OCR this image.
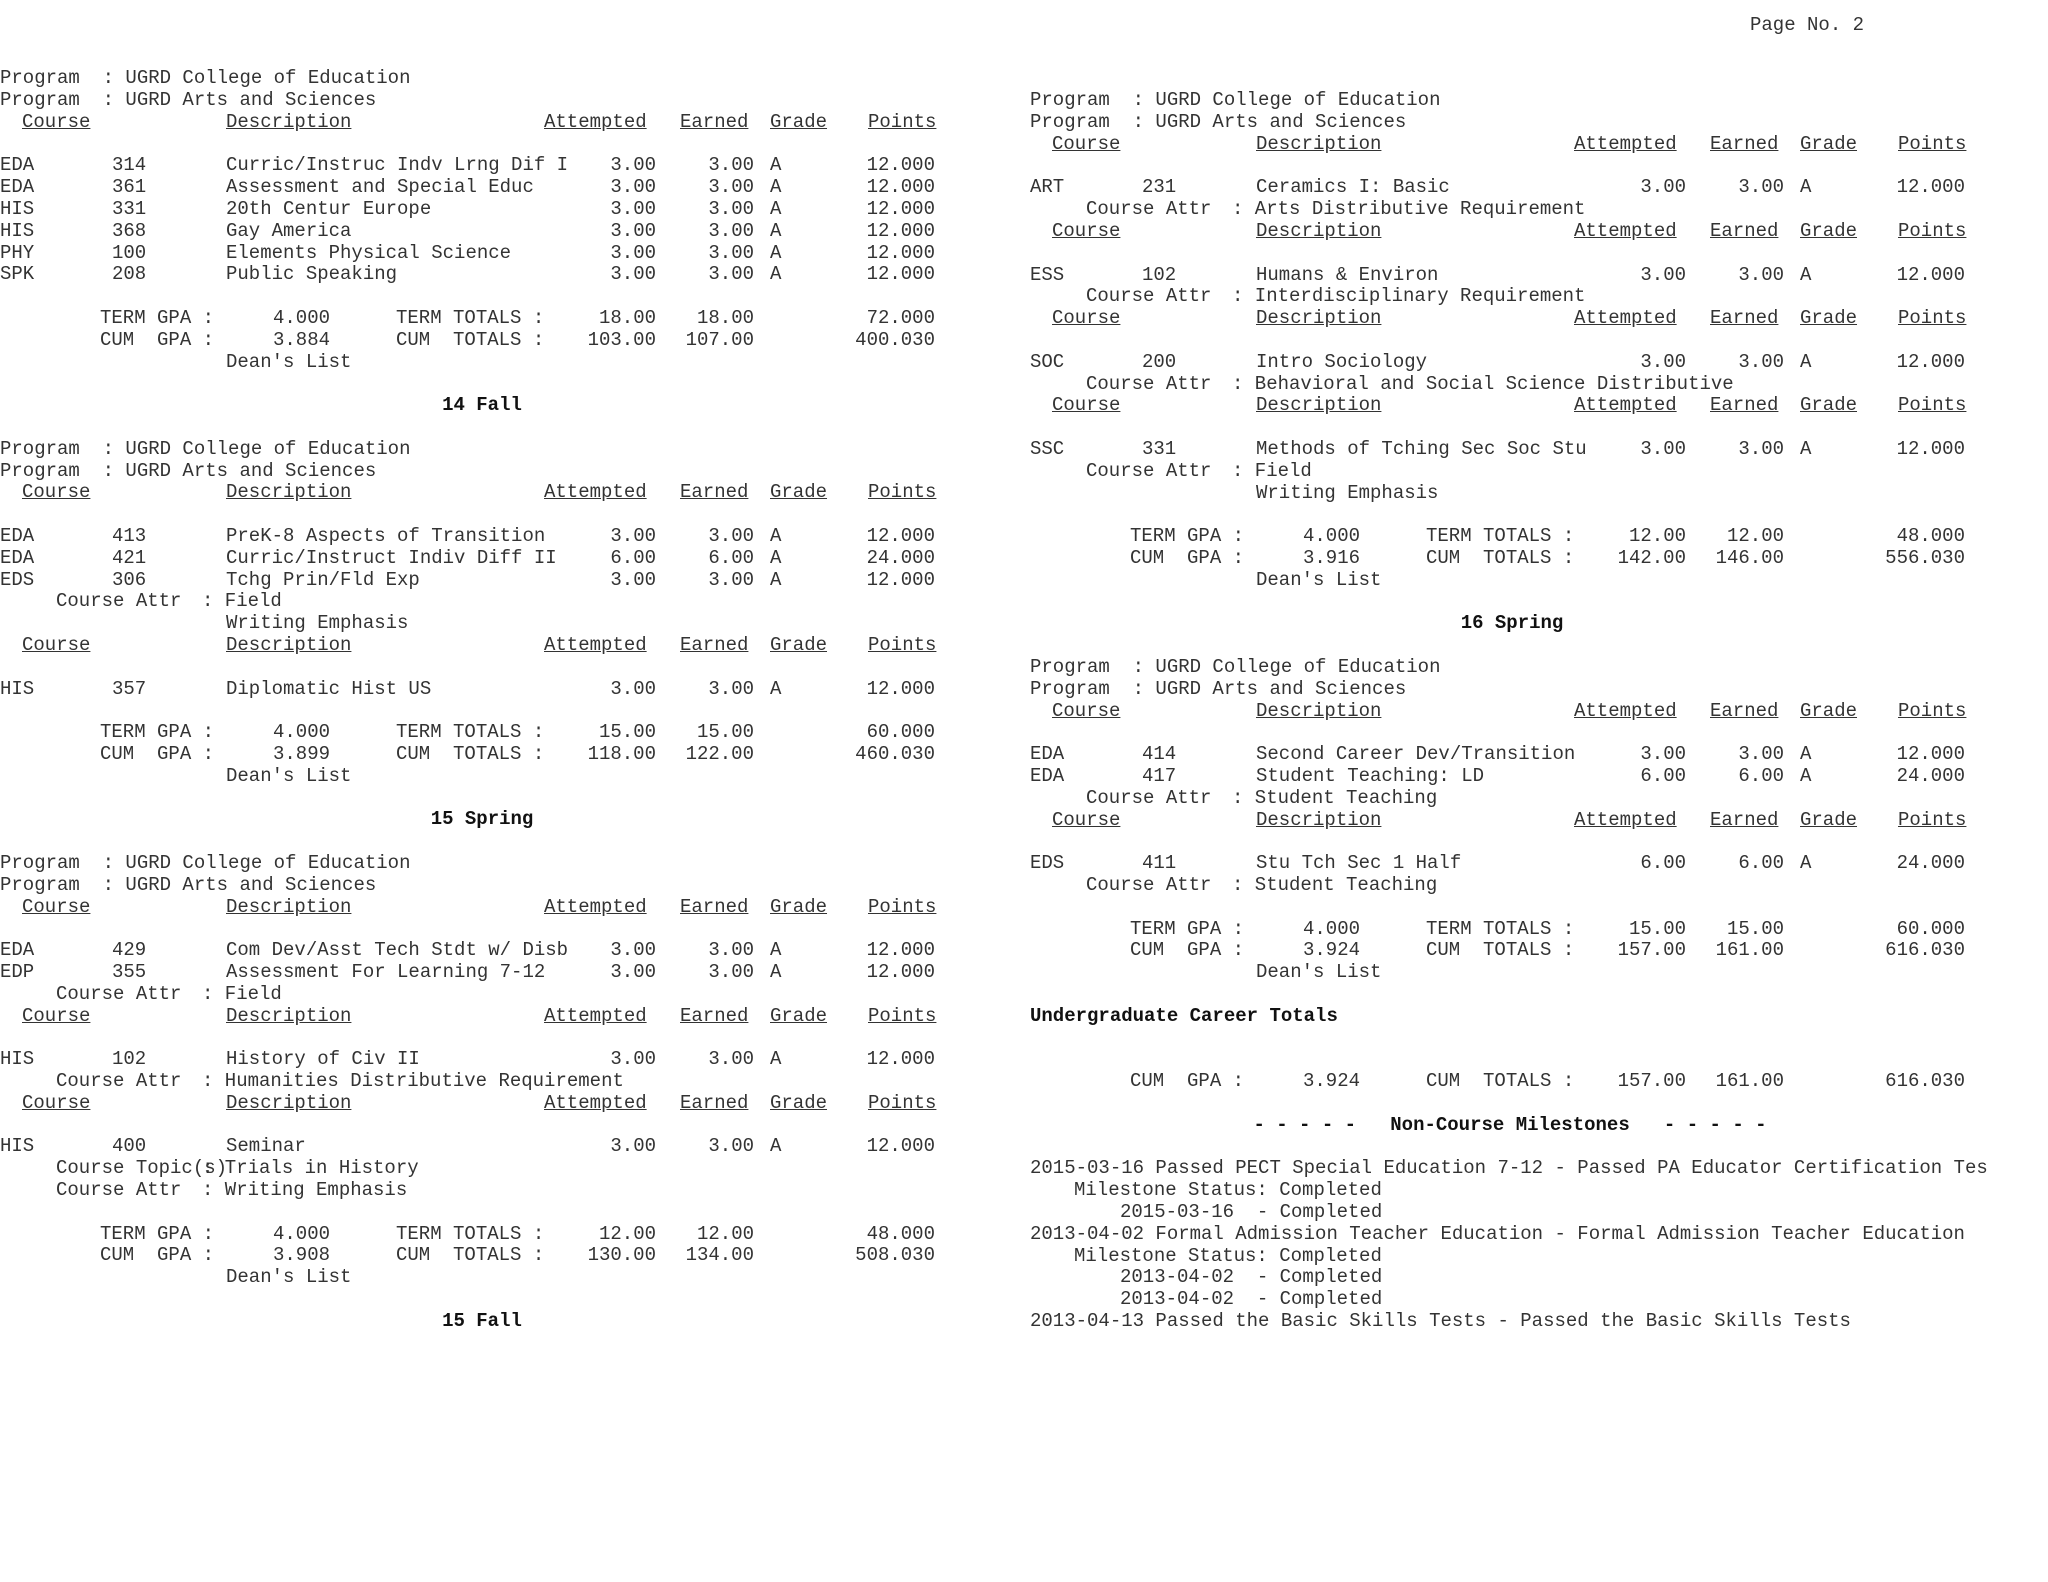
Page No. 2
Program  : UGRD College of Education
Program  : UGRD Arts and Sciences
Course	Description	Attempted Earned Grade Points
EDA	314	Curric/Instruc Indv Lrng Dif I	3.00	3.00 A	12.000
EDA	361	Assessment and Special Educ	3.00	3.00 A	12.000
HIS	331	20th Centur Europe	3.00	3.00 A	12.000
HIS	368	Gay America	3.00	3.00 A	12.000
PHY	100	Elements Physical Science	3.00	3.00 A	12.000
SPK	208	Public Speaking	3.00	3.00 A	12.000
TERM GPA :	4.000	TERM TOTALS :	18.00	18.00	72.000
CUM  GPA :	3.884	CUM  TOTALS :	103.00	107.00	400.030
Dean's List
14 Fall
Program  : UGRD College of Education
Program  : UGRD Arts and Sciences
Course	Description	Attempted Earned Grade Points
EDA	413	PreK-8 Aspects of Transition	3.00	3.00 A	12.000
EDA	421	Curric/Instruct Indiv Diff II	6.00	6.00 A	24.000
EDS	306	Tchg Prin/Fld Exp	3.00	3.00 A	12.000
Course Attr : Field
Writing Emphasis
Course	Description	Attempted Earned Grade Points
HIS	357	Diplomatic Hist US	3.00	3.00 A	12.000
TERM GPA :	4.000	TERM TOTALS :	15.00	15.00	60.000
CUM  GPA :	3.899	CUM  TOTALS :	118.00	122.00	460.030
Dean's List
15 Spring
Program  : UGRD College of Education
Program  : UGRD Arts and Sciences
Course	Description	Attempted Earned Grade Points
EDA	429	Com Dev/Asst Tech Stdt w/ Disb	3.00	3.00 A	12.000
EDP	355	Assessment For Learning 7-12	3.00	3.00 A	12.000
Course Attr : Field
Course	Description	Attempted Earned Grade Points
HIS	102	History of Civ II	3.00	3.00 A	12.000
Course Attr : Humanities Distributive Requirement
Course	Description	Attempted Earned Grade Points
HIS	400	Seminar	3.00	3.00 A	12.000
Course Topic(s)
: Trials in History
Course Attr : Writing Emphasis
TERM GPA :	4.000	TERM TOTALS :	12.00	12.00	48.000
CUM  GPA :	3.908	CUM  TOTALS :	130.00	134.00	508.030
Dean's List
15 Fall
Program  : UGRD College of Education
Program  : UGRD Arts and Sciences
Course	Description	Attempted Earned Grade Points
ART	231	Ceramics I: Basic	3.00	3.00 A	12.000
Course Attr : Arts Distributive Requirement
Course	Description	Attempted Earned Grade Points
ESS	102	Humans & Environ	3.00	3.00 A	12.000
Course Attr : Interdisciplinary Requirement
Course	Description	Attempted Earned Grade Points
SOC	200	Intro Sociology	3.00	3.00 A	12.000
Course Attr : Behavioral and Social Science Distributive
Course	Description	Attempted Earned Grade Points
SSC	331	Methods of Tching Sec Soc Stu	3.00	3.00 A	12.000
Course Attr : Field
Writing Emphasis
TERM GPA :	4.000	TERM TOTALS :	12.00	12.00	48.000
CUM  GPA :	3.916	CUM  TOTALS :	142.00	146.00	556.030
Dean's List
16 Spring
Program  : UGRD College of Education
Program  : UGRD Arts and Sciences
Course	Description	Attempted Earned Grade Points
EDA	414	Second Career Dev/Transition	3.00	3.00 A	12.000
EDA	417	Student Teaching: LD	6.00	6.00 A	24.000
Course Attr : Student Teaching
Course	Description	Attempted Earned Grade Points
EDS	411	Stu Tch Sec 1 Half	6.00	6.00 A	24.000
Course Attr : Student Teaching
TERM GPA :	4.000	TERM TOTALS :	15.00	15.00	60.000
CUM  GPA :	3.924	CUM  TOTALS :	157.00	161.00	616.030
Dean's List
Undergraduate Career Totals
CUM  GPA :	3.924	CUM  TOTALS :	157.00	161.00	616.030
- - - - -   Non-Course Milestones   - - - - -
2015-03-16 Passed PECT Special Education 7-12 - Passed PA Educator Certification Tes
Milestone Status: Completed
2015-03-16  - Completed
2013-04-02 Formal Admission Teacher Education - Formal Admission Teacher Education
Milestone Status: Completed
2013-04-02  - Completed
2013-04-02  - Completed
2013-04-13 Passed the Basic Skills Tests - Passed the Basic Skills Tests
